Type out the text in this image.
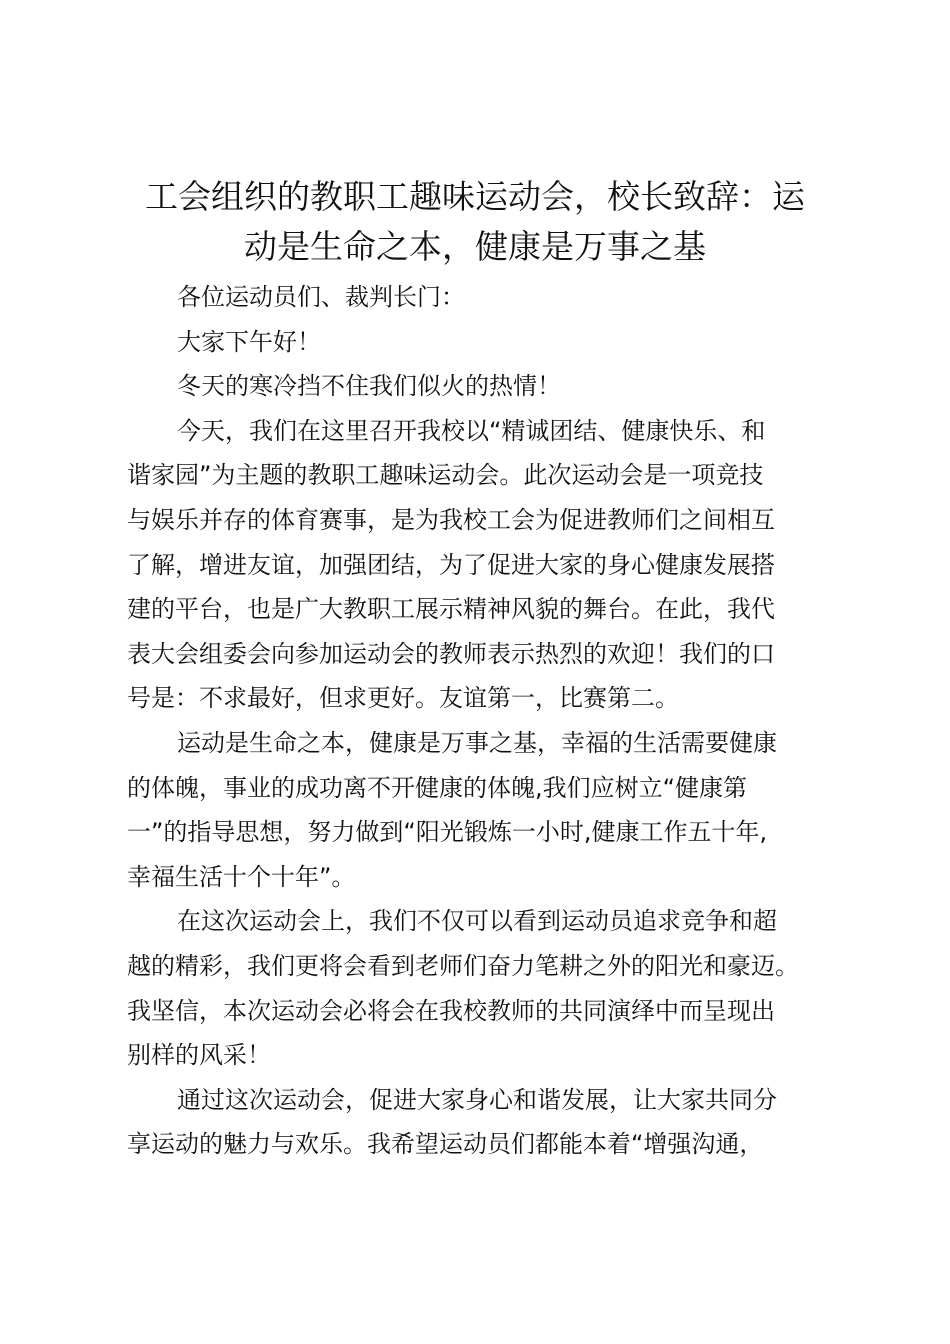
工会组织的教职工趣味运动会，校长致辞：运
动是生命之本，健康是万事之基
各位运动员们、裁判长门：
大家下午好！
冬天的寒冷挡不住我们似火的热情！
今天，我们在这里召开我校以“精诚团结、健康快乐、和
谐家园”为主题的教职工趣味运动会。此次运动会是一项竞技
与娱乐并存的体育赛事，是为我校工会为促进教师们之间相互
了解，增进友谊，加强团结，为了促进大家的身心健康发展搭
建的平台，也是广大教职工展示精神风貌的舞台。在此，我代
表大会组委会向参加运动会的教师表示热烈的欢迎！我们的口
号是：不求最好，但求更好。友谊第一，比赛第二。
运动是生命之本，健康是万事之基，幸福的生活需要健康
的体魄，事业的成功离不开健康的体魄,我们应树立“健康第
一”的指导思想，努力做到“阳光锻炼一小时,健康工作五十年,
幸福生活十个十年”。
在这次运动会上，我们不仅可以看到运动员追求竞争和超
越的精彩，我们更将会看到老师们奋力笔耕之外的阳光和豪迈。
我坚信，本次运动会必将会在我校教师的共同演绎中而呈现出
别样的风采！
通过这次运动会，促进大家身心和谐发展，让大家共同分
享运动的魅力与欢乐。我希望运动员们都能本着“增强沟通，
